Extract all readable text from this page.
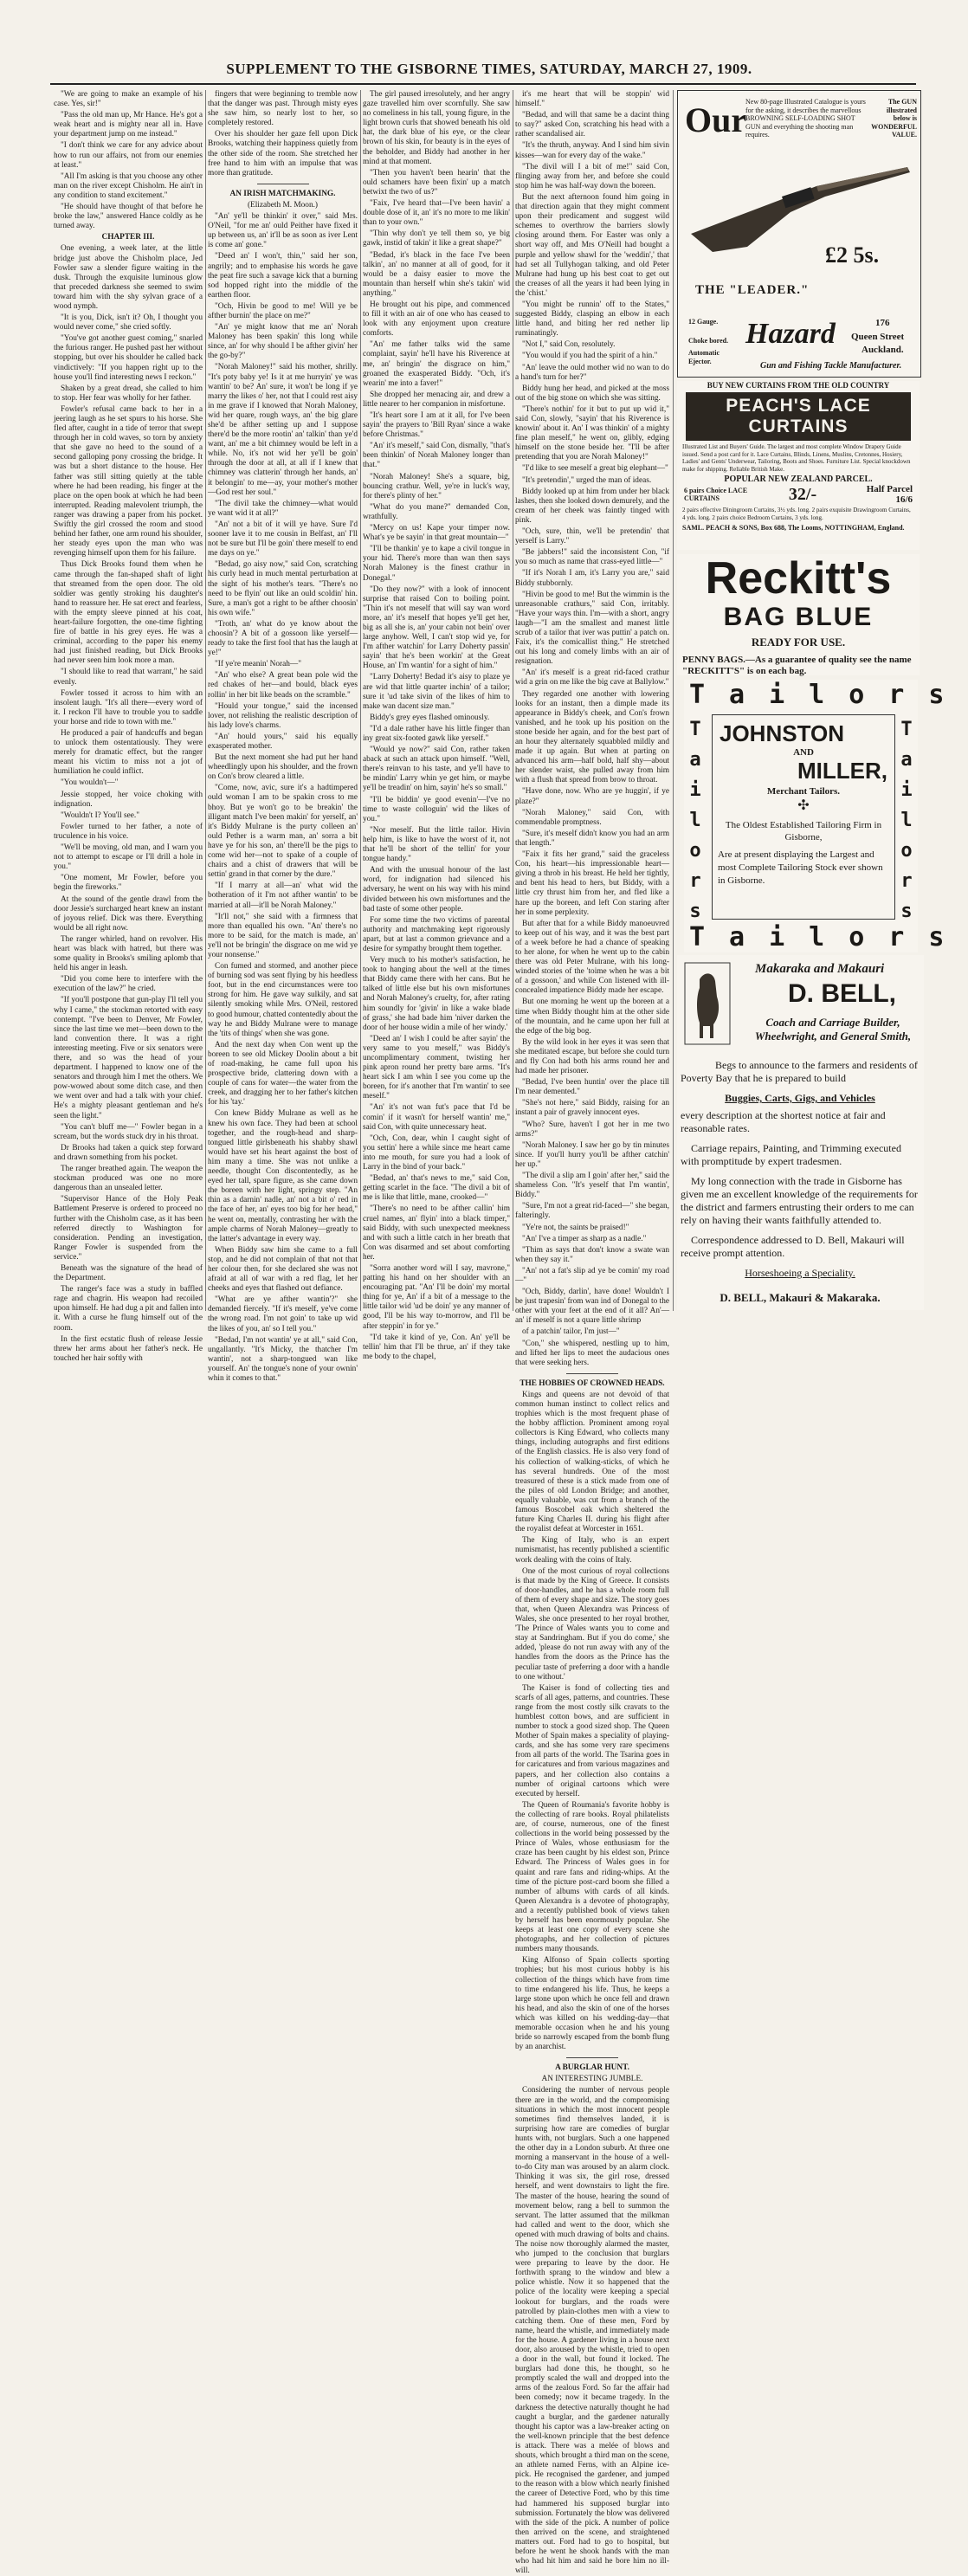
SUPPLEMENT TO THE GISBORNE TIMES, SATURDAY, MARCH 27, 1909.

"We are going to make an example of his case. Yes, sir!"

"Pass the old man up, Mr Hance. He's got a weak heart and is mighty near all in. Have your department jump on me instead."

"I don't think we care for any advice about how to run our affairs, not from our enemies at least."

"All I'm asking is that you choose any other man on the river except Chisholm. He ain't in any condition to stand excitement."

"He should have thought of that before he broke the law," answered Hance coldly as he turned away.

CHAPTER III.

One evening, a week later, at the little bridge just above the Chisholm place, Jed Fowler saw a slender figure waiting in the dusk. Through the exquisite luminous glow that preceded darkness she seemed to swim toward him with the shy sylvan grace of a wood nymph.

"It is you, Dick, isn't it? Oh, I thought you would never come," she cried softly.

"You've got another guest coming," snarled the furious ranger. He pushed past her without stopping, but over his shoulder he called back vindictively: "If you happen right up to the house you'll find interesting news I reckon."

Shaken by a great dread, she called to him to stop. Her fear was wholly for her father.

Fowler's refusal came back to her in a jeering laugh as he set spurs to his horse. She fled after, caught in a tide of terror that swept through her in cold waves, so torn by anxiety that she gave no heed to the sound of a second galloping pony crossing the bridge. It was but a short distance to the house. Her father was still sitting quietly at the table where he had been reading, his finger at the place on the open book at which he had been interrupted. Reading malevolent triumph, the ranger was drawing a paper from his pocket. Swiftly the girl crossed the room and stood behind her father, one arm round his shoulder, her steady eyes upon the man who was revenging himself upon them for his failure.

Thus Dick Brooks found them when he came through the fan-shaped shaft of light that streamed from the open door. The old soldier was gently stroking his daughter's hand to reassure her. He sat erect and fearless, with the empty sleeve pinned at his coat, heart-failure forgotten, the one-time fighting fire of battle in his grey eyes. He was a criminal, according to the paper his enemy had just finished reading, but Dick Brooks had never seen him look more a man.

"I should like to read that warrant," he said evenly.

Fowler tossed it across to him with an insolent laugh. "It's all there—every word of it. I reckon I'll have to trouble you to saddle your horse and ride to town with me."

He produced a pair of handcuffs and began to unlock them ostentatiously. They were merely for dramatic effect, but the ranger meant his victim to miss not a jot of humiliation he could inflict.

"You wouldn't—"

Jessie stopped, her voice choking with indignation.

"Wouldn't I? You'll see."

Fowler turned to her father, a note of truculence in his voice.

"We'll be moving, old man, and I warn you not to attempt to escape or I'll drill a hole in you."

"One moment, Mr Fowler, before you begin the fireworks."

At the sound of the gentle drawl from the door Jessie's surcharged heart knew an instant of joyous relief. Dick was there. Everything would be all right now.

The ranger whirled, hand on revolver. His heart was black with hatred, but there was some quality in Brooks's smiling aplomb that held his anger in leash.

"Did you come here to interfere with the execution of the law?" he cried.

"If you'll postpone that gun-play I'll tell you why I came," the stockman retorted with easy contempt. "I've been to Denver, Mr Fowler, since the last time we met—been down to the land convention there. It was a right interesting meeting. Five or six senators were there, and so was the head of your department. I happened to know one of the senators and through him I met the others. We pow-wowed about some ditch case, and then we went over and had a talk with your chief. He's a mighty pleasant gentleman and he's seen the light."

"You can't bluff me—" Fowler began in a scream, but the words stuck dry in his throat.

Dr Brooks had taken a quick step forward and drawn something from his pocket.

The ranger breathed again. The weapon the stockman produced was one no more dangerous than an unsealed letter.

"Supervisor Hance of the Holy Peak Battlement Preserve is ordered to proceed no further with the Chisholm case, as it has been referred directly to Washington for consideration. Pending an investigation, Ranger Fowler is suspended from the service."

Beneath was the signature of the head of the Department.

The ranger's face was a study in baffled rage and chagrin. His weapon had recoiled upon himself. He had dug a pit and fallen into it. With a curse he flung himself out of the room.

In the first ecstatic flush of release Jessie threw her arms about her father's neck. He touched her hair softly with

fingers that were beginning to tremble now that the danger was past. Through misty eyes she saw him, so nearly lost to her, so completely restored.

Over his shoulder her gaze fell upon Dick Brooks, watching their happiness quietly from the other side of the room. She stretched her free hand to him with an impulse that was more than gratitude.

AN IRISH MATCHMAKING.

(Elizabeth M. Moon.)

"An' ye'll be thinkin' it over," said Mrs. O'Neil, "for me an' ould Peither have fixed it up between us, an' it'll be as soon as iver Lent is come an' gone."

"Deed an' I won't, thin," said her son, angrily; and to emphasise his words he gave the peat fire such a savage kick that a burning sod hopped right into the middle of the earthen floor.

"Och, Hivin be good to me! Will ye be afther burnin' the place on me?"

"An' ye might know that me an' Norah Maloney has been spakin' this long while since, an' for why should I be afther givin' her the go-by?"

"Norah Maloney!" said his mother, shrilly. "It's poty baby ye! Is it at me hurryin' ye was wantin' to be? An' sure, it won't be long if ye marry the likes o' her, not that I could rest aisy in me grave if I knowed that Norah Maloney, wid her quare, rough ways, an' the big glare she'd be afther setting up and I suppose there'd be the more rootin' an' talkin' than ye'd want, an' me a bit chimney would be left in a while. No, it's not wid her ye'll be goin' through the door at all, at all if I knew that chimney was clatterin' through her hands, an' it belongin' to me—ay, your mother's mother—God rest her soul."

"The divil take the chimney—what would ye want wid it at all?"

"An' not a bit of it will ye have. Sure I'd sooner lave it to me cousin in Belfast, an' I'll not be sure but I'll be goin' there meself to end me days on ye."

"Bedad, go aisy now," said Con, scratching his curly head in much mental perturbation at the sight of his mother's tears. "There's no need to be flyin' out like an ould scoldin' hin. Sure, a man's got a right to be afther choosin' his own wife."

"Troth, an' what do ye know about the choosin'? A bit of a gossoon like yerself—ready to take the first fool that has the laugh at ye!"

"If ye're meanin' Norah—"

"An' who else? A great bean pole wid the red chakes of her—and bould, black eyes rollin' in her bit like beads on the scramble."

"Hould your tongue," said the incensed lover, not relishing the realistic description of his lady love's charms.

"An' hould yours," said his equally exasperated mother.

But the next moment she had put her hand wheedlingly upon his shoulder, and the frown on Con's brow cleared a little.

"Come, now, avic, sure it's a hadtimpered ould woman I am to be spakin cross to me bhoy. But ye won't go to be breakin' the illigant match I've been makin' for yerself, an' it's Biddy Mulrane is the purty colleen an' ould Pether is a warm man, an' sorra a bit have ye for his son, an' there'll be the pigs to come wid her—not to spake of a couple of chairs and a chist of drawers that will be settin' grand in that corner by the dure."

"If I marry at all—an' what wid the botheration of it I'm not afther wantin' to be married at all—it'll be Norah Maloney."

"It'll not," she said with a firmness that more than equalled his own. "An' there's no more to be said, for the match is made, an' ye'll not be bringin' the disgrace on me wid ye your nonsense."

Con fumed and stormed, and another piece of burning sod was sent flying by his heedless foot, but in the end circumstances were too strong for him. He gave way sulkily, and sat silently smoking while Mrs. O'Neil, restored to good humour, chatted contentedly about the way he and Biddy Mulrane were to manage the 'tits of things' when she was gone.

And the next day when Con went up the boreen to see old Mickey Doolin about a bit of road-making, he came full upon his prospective bride, clattering down with a couple of cans for water—the water from the creek, and dragging her to her father's kitchen for his 'tay.'

Con knew Biddy Mulrane as well as he knew his own face. They had been at school together, and the rough-head and sharp-tongued little girlsbeneath his shabby shawl would have set his heart against the bost of him many a time. She was not unlike a needle, thought Con discontentedly, as he eyed her tall, spare figure, as she came down the boreen with her light, springy step. "An thin as a darnin' nadle, an' not a bit o' red in the face of her, an' eyes too big for her head," he went on, mentally, contrasting her with the ample charms of Norah Maloney—greatly to the latter's advantage in every way.

When Biddy saw him she came to a full stop, and he did not complain of that not that her colour then, for she declared she was not afraid at all of war with a red flag, let her cheeks and eyes that flashed out defiance.

"What are ye afther wantin'?" she demanded fiercely. "If it's meself, ye've come the wrong road. I'm not goin' to take up wid the likes of you, an' so I tell you."

"Bedad, I'm not wantin' ye at all," said Con, ungallantly. "It's Micky, the thatcher I'm wantin', not a sharp-tongued wan like yourself. An' the tongue's none of your ownin' whin it comes to that."

The girl paused irresolutely, and her angry gaze travelled him over scornfully. She saw no comeliness in his tall, young figure, in the light brown curls that showed beneath his old hat, the dark blue of his eye, or the clear brown of his skin, for beauty is in the eyes of the beholder, and Biddy had another in her mind at that moment.

"Then you haven't been hearin' that the ould schamers have been fixin' up a match betwixt the two of us?"

"Faix, I've heard that—I've been havin' a double dose of it, an' it's no more to me likin' than to your own."

"Thin why don't ye tell them so, ye big gawk, instid of takin' it like a great shape?"

"Bedad, it's black in the face I've been talkin', an' no manner at all of good, for it would be a daisy easier to move the mountain than herself whin she's takin' wid anything."

He brought out his pipe, and commenced to fill it with an air of one who has ceased to look with any enjoyment upon creature comforts.

"An' me father talks wid the same complaint, sayin' he'll have his Riverence at me, an' bringin' the disgrace on him," groaned the exasperated Biddy. "Och, it's wearin' me into a faver!"

She dropped her menacing air, and drew a little nearer to her companion in misfortune.

"It's heart sore I am at it all, for I've been sayin' the prayers to 'Bill Ryan' since a wake before Christmas."

"An' it's meself," said Con, dismally, "that's been thinkin' of Norah Maloney longer than that."

"Norah Maloney! She's a square, big, bouncing crathur. Well, ye're in luck's way, for there's plinty of her."

"What do you mane?" demanded Con, wrathfully.

"Mercy on us! Kape your timper now. What's ye be sayin' in that great mountain—"

"I'll be thankin' ye to kape a civil tongue in your hid. There's more than wan then says Norah Maloney is the finest crathur in Donegal."

"Do they now?" with a look of innocent surprise that raised Con to boiling point. "Thin it's not meself that will say wan word more, an' it's meself that hopes ye'll get her, big as all she is, an' your cabin not bein' over large anyhow. Well, I can't stop wid ye, for I'm afther watchin' for Larry Doherty passin' sayin' that he's been workin' at the Great House, an' I'm wantin' for a sight of him."

"Larry Doherty! Bedad it's aisy to plaze ye are wid that little quarter inchin' of a tailor; sure it 'ud take sivin of the likes of him to make wan dacent size man."

Biddy's grey eyes flashed ominously.

"I'd a dale rather have his little finger than iny great six-footed gawk like yerself."

"Would ye now?" said Con, rather taken aback at such an attack upon himself. "Well, there's reinvan to his taste, and ye'll have to be mindin' Larry whin ye get him, or maybe ye'll be treadin' on him, sayin' he's so small."

"I'll be biddin' ye good evenin'—I've no time to waste colloguin' wid the likes of you."

"Nor meself. But the little tailor. Hivin help him, is like to have the worst of it, not that he'll be short of the tellin' for your tongue handy."

And with the unusual honour of the last word, for indignation had silenced his adversary, he went on his way with his mind divided between his own misfortunes and the bad taste of some other people.

For some time the two victims of parental authority and matchmaking kept rigorously apart, but at last a common grievance and a desire for sympathy brought them together.

Very much to his mother's satisfaction, he took to hanging about the well at the times that Biddy came there with her cans. But he talked of little else but his own misfortunes and Norah Maloney's cruelty, for, after rating him soundly for 'givin' in like a wake blade of grass,' she had bade him 'niver darken the door of her house widin a mile of her windy.'

"Deed an' I wish I could be after sayin' the very same to you meself," was Biddy's uncomplimentary comment, twisting her pink apron round her pretty bare arms. "It's heart sick I am whin I see you come up the boreen, for it's another that I'm wantin' to see meself."

"An' it's not wan fut's pace that I'd be comin' if it wasn't for herself wantin' me," said Con, with quite unnecessary heat.

"Och, Con, dear, whin I caught sight of you settin' here a while since me heart came into me mouth, for sure you had a look of Larry in the bind of your back."

"Bedad, an' that's news to me," said Con, getting scarlet in the face. "The divil a bit of me is like that little, mane, crooked—"

"There's no need to be afther callin' him cruel names, an' flyin' into a black timper," said Biddy, with such unexpected meekness and with such a little catch in her breath that Con was disarmed and set about comforting her.

"Sorra another word will I say, mavrone," patting his hand on her shoulder with an encouraging pat. "An' I'll be doin' my mortal thing for ye, An' if a bit of a message to the little tailor wid 'ud be doin' ye any manner of good, I'll be his way to-morrow, and I'll be after steppin' in for ye."

"I'd take it kind of ye, Con. An' ye'll be tellin' him that I'll be thrue, an' if they take me body to the chapel,

it's me heart that will be stoppin' wid himself."

"Bedad, and will that same be a dacint thing to say?" asked Con, scratching his head with a rather scandalised air.

"It's the thruth, anyway. And I sind him sivin kisses—wan for every day of the wake."

"The divil will I a bit of me!" said Con, flinging away from her, and before she could stop him he was half-way down the boreen.

But the next afternoon found him going in that direction again that they might comment upon their predicament and suggest wild schemes to overthrow the barriers slowly closing around them. For Easter was only a short way off, and Mrs O'Neill had bought a purple and yellow shawl for the 'weddin',' that had set all Tullyhogan talking, and old Peter Mulrane had hung up his best coat to get out the creases of all the years it had been lying in the 'chist.'

"You might be runnin' off to the States," suggested Biddy, clasping an elbow in each little hand, and biting her red nether lip ruminatingly.

"Not I," said Con, resolutely.

"You would if you had the spirit of a hin."

"An' leave the ould mother wid no wan to do a hand's turn for her?"

Biddy hung her head, and picked at the moss out of the big stone on which she was sitting.

"There's nothin' for it but to put up wid it," said Con, slowly, "sayin' that his Riverence is knowin' about it. An' I was thinkin' of a mighty fine plan meself," he went on, glibly, edging himself on the stone beside her. "I'll be after pretending that you are Norah Maloney!"

"I'd like to see meself a great big elephant—"

"It's pretendin'," urged the man of ideas.

Biddy looked up at him from under her black lashes, then she looked down demurely, and the cream of her cheek was faintly tinged with pink.

"Och, sure, thin, we'll be pretendin' that yerself is Larry."

"Be jabbers!" said the inconsistent Con, "if you so much as name that crass-eyed little—"

"If it's Norah I am, it's Larry you are," said Biddy stubbornly.

"Hivin be good to me! But the wimmin is the unreasonable crathurs," said Con, irritably. "Have your ways thin. I'm—with a short, angry laugh—"I am the smallest and manest little scrub of a tailor that iver was puttin' a patch on. Faix, it's the comicallist thing." He stretched out his long and comely limbs with an air of resignation.

"An' it's meself is a great rid-faced crathur wid a grin on me like the big cave at Ballylow."

They regarded one another with lowering looks for an instant, then a dimple made its appearance in Biddy's cheek, and Con's frown vanished, and he took up his position on the stone beside her again, and for the best part of an hour they alternately squabbled mildly and made it up again. But when at parting on advanced his arm—half bold, half shy—about her slender waist, she pulled away from him with a flush that spread from brow to throat.

"Have done, now. Who are ye huggin', if ye plaze?"

"Norah Maloney," said Con, with commendable promptness.

"Sure, it's meself didn't know you had an arm that length."

"Faix it fits her grand," said the graceless Con, his heart—his impressionable heart—giving a throb in his breast. He held her tightly, and bent his head to hers, but Biddy, with a little cry thrust him from her, and fled like a hare up the boreen, and left Con staring after her in some perplexity.

But after that for a while Biddy manoeuvred to keep out of his way, and it was the best part of a week before he had a chance of speaking to her alone, for when he went up to the cabin there was old Peter Mulrane, with his long-winded stories of the 'toime when he was a bit of a gossoon,' and while Con listened with ill-concealed impatience Biddy made her escape.

But one morning he went up the boreen at a time when Biddy thought him at the other side of the mountain, and he came upon her full at the edge of the big bog.

By the wild look in her eyes it was seen that she meditated escape, but before she could turn and fly Con had both his arms round her and had made her prisoner.

"Bedad, I've been huntin' over the place till I'm near demented."

"She's not here," said Biddy, raising for an instant a pair of gravely innocent eyes.

"Who? Sure, haven't I got her in me two arms?"

"Norah Maloney. I saw her go by tin minutes since. If you'll hurry you'll be afther catchin' her up."

"The divil a slip am I goin' after her," said the shameless Con. "It's yeself that I'm wantin', Biddy."

"Sure, I'm not a great rid-faced—" she began, falteringly.

"Ye're not, the saints be praised!"

"An' I've a timper as sharp as a nadle."

"Thim as says that don't know a swate wan when they say it."

"An' not a fat's slip ad ye be comin' my road—"

"Och, Biddy, darlin', have done! Wouldn't I be just trapesin' from wan ind of Donegal to the other with your feet at the end of it all? An'—an' if meself is not a quare little shrimp

of a patchin' tailor, I'm just—"

"Con," she whispered, nestling up to him, and lifted her lips to meet the audacious ones that were seeking hers.

THE HOBBIES OF CROWNED HEADS.

Kings and queens are not devoid of that common human instinct to collect relics and trophies which is the most frequent phase of the hobby affliction. Prominent among royal collectors is King Edward, who collects many things, including autographs and first editions of the English classics. He is also very fond of his collection of walking-sticks, of which he has several hundreds. One of the most treasured of these is a stick made from one of the piles of old London Bridge; and another, equally valuable, was cut from a branch of the famous Boscobel oak which sheltered the future King Charles II. during his flight after the royalist defeat at Worcester in 1651.

The King of Italy, who is an expert numismatist, has recently published a scientific work dealing with the coins of Italy.

One of the most curious of royal collections is that made by the King of Greece. It consists of door-handles, and he has a whole room full of them of every shape and size. The story goes that, when Queen Alexandra was Princess of Wales, she once presented to her royal brother, 'The Prince of Wales wants you to come and stay at Sandringham. But if you do come,' she added, 'please do not run away with any of the handles from the doors as the Prince has the peculiar taste of preferring a door with a handle to one without.'

The Kaiser is fond of collecting ties and scarfs of all ages, patterns, and countries. These range from the most costly silk cravats to the humblest cotton bows, and are sufficient in number to stock a good sized shop. The Queen Mother of Spain makes a speciality of playing-cards, and she has some very rare specimens from all parts of the world. The Tsarina goes in for caricatures and from various magazines and papers, and her collection also contains a number of original cartoons which were executed by herself.

The Queen of Roumania's favorite hobby is the collecting of rare books. Royal philatelists are, of course, numerous, one of the finest collections in the world being possessed by the Prince of Wales, whose enthusiasm for the craze has been caught by his eldest son, Prince Edward. The Princess of Wales goes in for quaint and rare fans and riding-whips. At the time of the picture post-card boom she filled a number of albums with cards of all kinds. Queen Alexandra is a devotee of photography, and a recently published book of views taken by herself has been enormously popular. She keeps at least one copy of every scene she photographs, and her collection of pictures numbers many thousands.

King Alfonso of Spain collects sporting trophies; but his most curious hobby is his collection of the things which have from time to time endangered his life. Thus, he keeps a large stone upon which he once fell and drawn his head, and also the skin of one of the horses which was killed on his wedding-day—that memorable occasion when he and his young bride so narrowly escaped from the bomb flung by an anarchist.

A BURGLAR HUNT.

AN INTERESTING JUMBLE.

Considering the number of nervous people there are in the world, and the compromising situations in which the most innocent people sometimes find themselves landed, it is surprising how rare are comedies of burglar hunts with, not burglars. Such a one happened the other day in a London suburb. At three one morning a manservant in the house of a well-to-do City man was aroused by an alarm clock. Thinking it was six, the girl rose, dressed herself, and went downstairs to light the fire. The master of the house, hearing the sound of movement below, rang a bell to summon the servant. The latter assumed that the milkman had called and went to the door, which she opened with much drawing of bolts and chains. The noise now thoroughly alarmed the master, who jumped to the conclusion that burglars were preparing to leave by the door. He forthwith sprang to the window and blew a police whistle. Now it so happened that the police of the locality were keeping a special lookout for burglars, and the roads were patrolled by plain-clothes men with a view to catching them. One of these men, Ford by name, heard the whistle, and immediately made for the house. A gardener living in a house next door, also aroused by the whistle, tried to open a door in the wall, but found it locked. The burglars had done this, he thought, so he promptly scaled the wall and dropped into the arms of the zealous Ford. So far the affair had been comedy; now it became tragedy. In the darkness the detective naturally thought he had caught a burglar, and the gardener naturally thought his captor was a law-breaker acting on the well-known principle that the best defence is attack. There was a melée of blows and shouts, which brought a third man on the scene, an athlete named Ferns, with an Alpine ice-pick. He recognised the gardener, and jumped to the reason with a blow which nearly finished the career of Detective Ford, who by this time had hammered his supposed burglar into submission. Fortunately the blow was delivered with the side of the pick. A number of police then arrived on the scene, and straightened matters out. Ford had to go to hospital, but before he went he shook hands with the man who had hit him and said he bore him no ill-will.

Our
New 80-page Illustrated Catalogue is yours for the asking, it describes the marvellous BROWNING SELF-LOADING SHOT GUN and everything the shooting man requires.
The GUN illustrated below is WONDERFUL VALUE.
£2 5s.
THE "LEADER."
12 Gauge.
Choke bored.
Automatic Ejector.
Hazard	176
Queen Street
Auckland.
Gun and Fishing Tackle Manufacturer.
BUY NEW CURTAINS FROM THE OLD COUNTRY
PEACH'S LACE CURTAINS
Illustrated List and Buyers' Guide. The largest and most complete Window Drapery Guide issued. Send a post card for it. Lace Curtains, Blinds, Linens, Muslins, Cretonnes, Hosiery, Ladies' and Gents' Underwear, Tailoring, Boots and Shoes. Furniture List. Special knockdown make for shipping. Reliable British Make.
POPULAR NEW ZEALAND PARCEL.
6 pairs Choice LACE CURTAINS	32/-	Half Parcel 16/6
2 pairs effective Diningroom Curtains, 3½ yds. long. 2 pairs exquisite Drawingroom Curtains, 4 yds. long. 2 pairs choice Bedroom Curtains, 3 yds. long.
SAML. PEACH & SONS, Box 688, The Looms, NOTTINGHAM, England.
Reckitt's
BAG BLUE
READY FOR USE.
PENNY BAGS.—As a guarantee of quality see the name "RECKITT'S" is on each bag.
Tailors
Tailors
T a i l o r s
T a i l o r s
JOHNSTON
AND
MILLER,
Merchant Tailors.
✣
The Oldest Established Tailoring Firm in Gisborne,
Are at present displaying the Largest and most Complete Tailoring Stock ever shown in Gisborne.
Makaraka and Makauri
D. BELL,
Coach and Carriage Builder, Wheelwright, and General Smith,
Begs to announce to the farmers and residents of Poverty Bay that he is prepared to build
Buggies, Carts, Gigs, and Vehicles
every description at the shortest notice at fair and reasonable rates.
Carriage repairs, Painting, and Trimming executed with promptitude by expert tradesmen.
My long connection with the trade in Gisborne has given me an excellent knowledge of the requirements for the district and farmers entrusting their orders to me can rely on having their wants faithfully attended to.
Correspondence addressed to D. Bell, Makauri will receive prompt attention.
Horseshoeing a Speciality.
D. BELL, Makauri & Makaraka.
